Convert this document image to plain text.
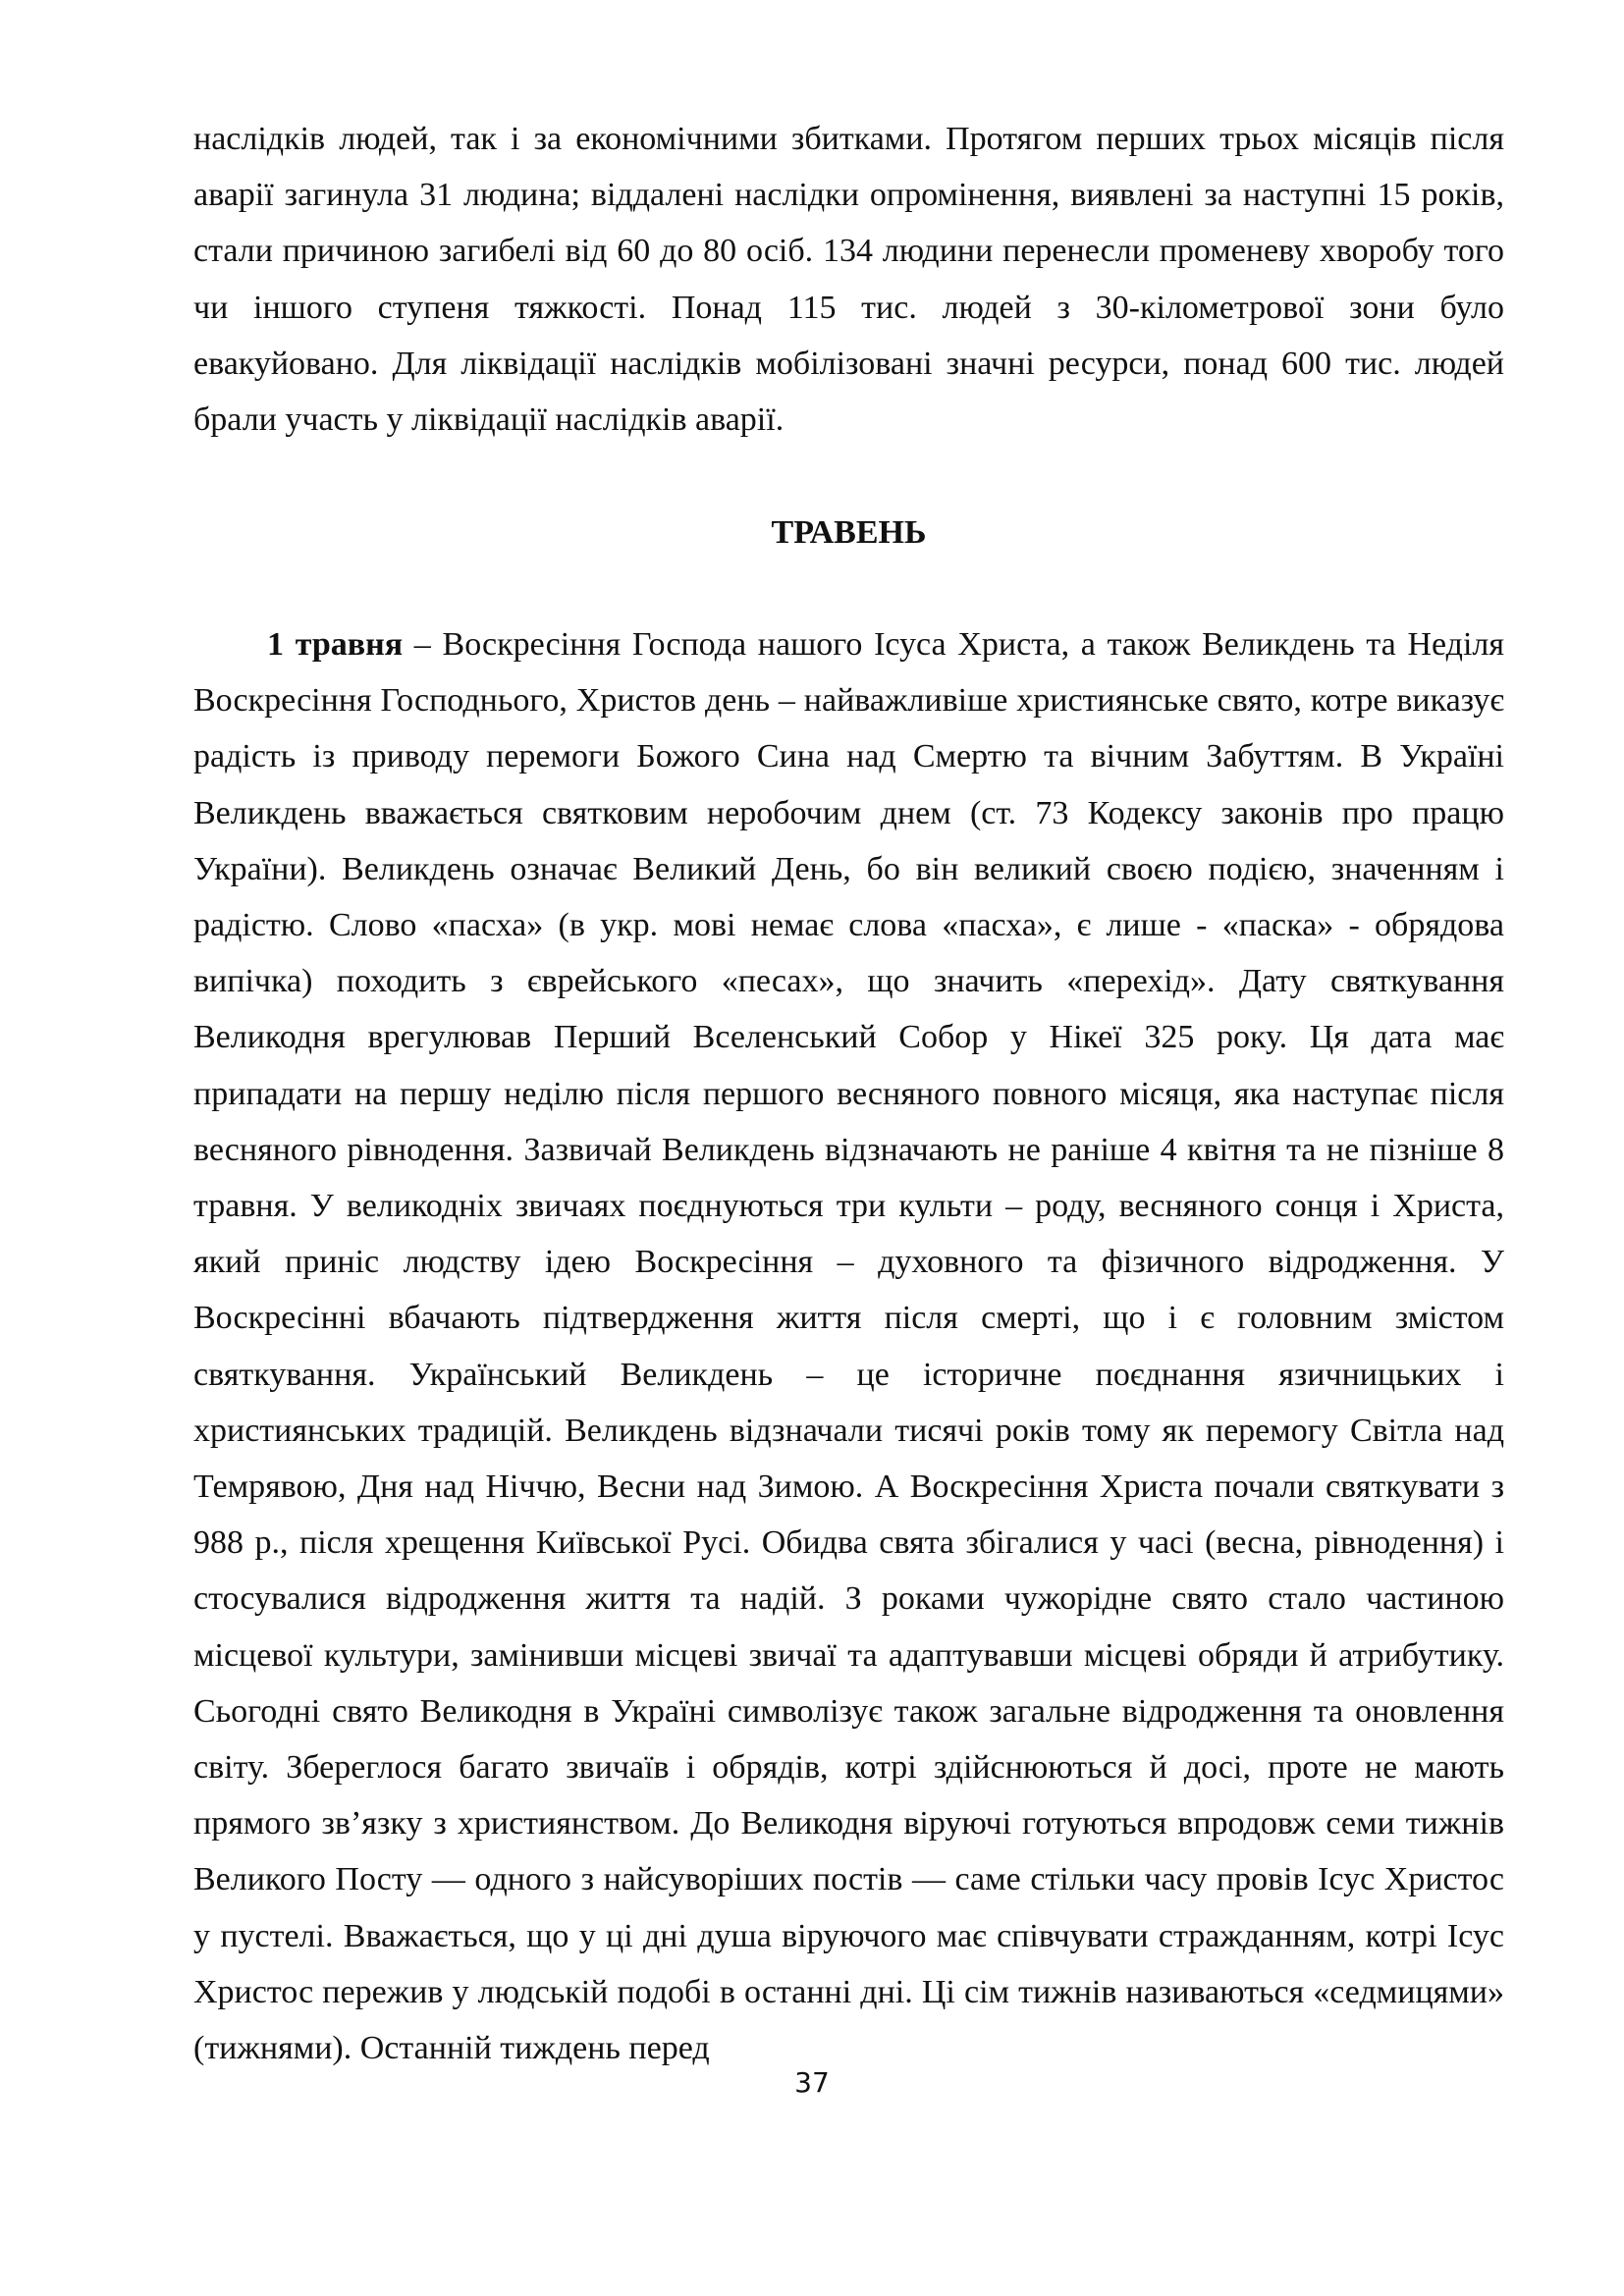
наслідків людей, так і за економічними збитками. Протягом перших трьох місяців після аварії загинула 31 людина; віддалені наслідки опромінення, виявлені за наступні 15 років, стали причиною загибелі від 60 до 80 осіб. 134 людини перенесли променеву хворобу того чи іншого ступеня тяжкості. Понад 115 тис. людей з 30-кілометрової зони було евакуйовано. Для ліквідації наслідків мобілізовані значні ресурси, понад 600 тис. людей брали участь у ліквідації наслідків аварії.

ТРАВЕНЬ

1 травня – Воскресіння Господа нашого Ісуса Христа, а також Великдень та Неділя Воскресіння Господнього, Христов день – найважливіше християнське свято, котре виказує радість із приводу перемоги Божого Сина над Смертю та вічним Забуттям. В Україні Великдень вважається святковим неробочим днем (ст. 73 Кодексу законів про працю України). Великдень означає Великий День, бо він великий своєю подією, значенням і радістю. Слово «пасха» (в укр. мові немає слова «пасха», є лише - «паска» - обрядова випічка) походить з єврейського «песах», що значить «перехід». Дату святкування Великодня врегулював Перший Вселенський Собор у Нікеї 325 року. Ця дата має припадати на першу неділю після першого весняного повного місяця, яка наступає після весняного рівнодення. Зазвичай Великдень відзначають не раніше 4 квітня та не пізніше 8 травня. У великодніх звичаях поєднуються три культи – роду, весняного сонця і Христа, який приніс людству ідею Воскресіння – духовного та фізичного відродження. У Воскресінні вбачають підтвердження життя після смерті, що і є головним змістом святкування. Український Великдень – це історичне поєднання язичницьких і християнських традицій. Великдень відзначали тисячі років тому як перемогу Світла над Темрявою, Дня над Ніччю, Весни над Зимою. А Воскресіння Христа почали святкувати з 988 р., після хрещення Київської Русі. Обидва свята збігалися у часі (весна, рівнодення) і стосувалися відродження життя та надій. З роками чужорідне свято стало частиною місцевої культури, замінивши місцеві звичаї та адаптувавши місцеві обряди й атрибутику. Сьогодні свято Великодня в Україні символізує також загальне відродження та оновлення світу. Збереглося багато звичаїв і обрядів, котрі здійснюються й досі, проте не мають прямого зв’язку з християнством. До Великодня віруючі готуються впродовж семи тижнів Великого Посту — одного з найсуворіших постів — саме стільки часу провів Ісус Христос у пустелі. Вважається, що у ці дні душа віруючого має співчувати стражданням, котрі Ісус Христос пережив у людській подобі в останні дні. Ці сім тижнів називаються «седмицями» (тижнями). Останній тиждень перед

37
